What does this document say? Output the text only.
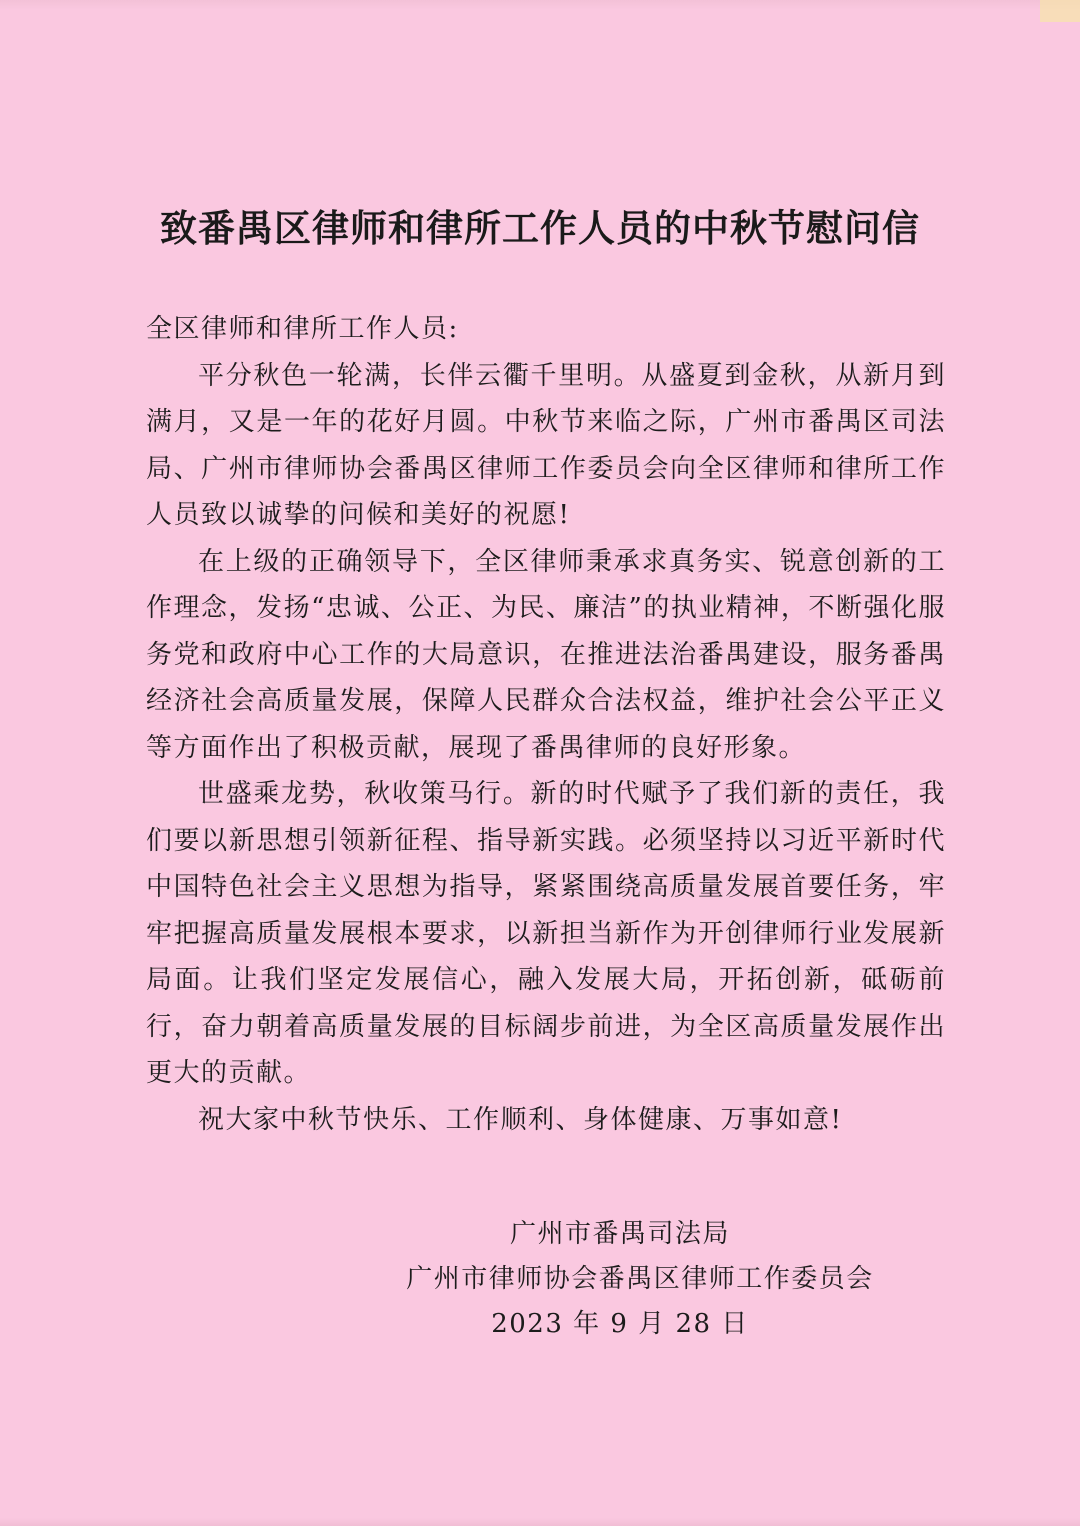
致番禺区律师和律所工作人员的中秋节慰问信

全区律师和律所工作人员:

平分秋色一轮满，长伴云衢千里明。从盛夏到金秋，从新月到满月，又是一年的花好月圆。中秋节来临之际，广州市番禺区司法局、广州市律师协会番禺区律师工作委员会向全区律师和律所工作人员致以诚挚的问候和美好的祝愿!

在上级的正确领导下，全区律师秉承求真务实、锐意创新的工作理念，发扬“忠诚、公正、为民、廉洁”的执业精神，不断强化服务党和政府中心工作的大局意识，在推进法治番禺建设，服务番禺经济社会高质量发展，保障人民群众合法权益，维护社会公平正义等方面作出了积极贡献，展现了番禺律师的良好形象。

世盛乘龙势，秋收策马行。新的时代赋予了我们新的责任，我们要以新思想引领新征程、指导新实践。必须坚持以习近平新时代中国特色社会主义思想为指导，紧紧围绕高质量发展首要任务，牢牢把握高质量发展根本要求，以新担当新作为开创律师行业发展新局面。让我们坚定发展信心，融入发展大局，开拓创新，砥砺前行，奋力朝着高质量发展的目标阔步前进，为全区高质量发展作出更大的贡献。

祝大家中秋节快乐、工作顺利、身体健康、万事如意!

广州市番禺司法局

广州市律师协会番禺区律师工作委员会

2023 年 9 月 28 日
